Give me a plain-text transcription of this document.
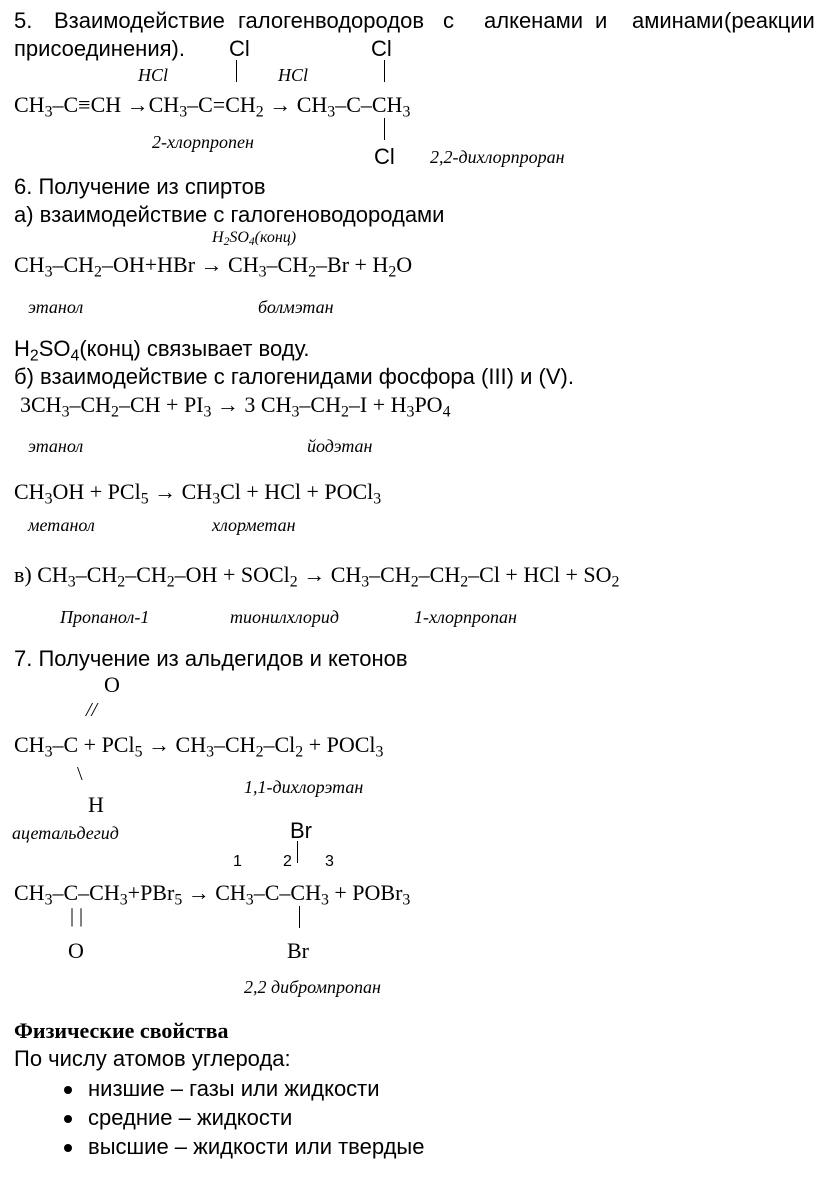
5. Взаимодействие галогенводородов с алкенами и аминами (реакции
присоединения). Cl	Cl
HCl	HCl
$CH_3-C\equiv CH \to CH_3-C=CH_2 \to CH_3-C-CH_3$
2-хлорпропен
Cl 2,2-дихлорпроран
6. Получение из спиртов
а) взаимодействие с галогеноводородами
$H_2SO_4(конц)$
$CH_3-CH_2-OH+HBr \to CH_3-CH_2-Br + H_2O$
этанол	болмэтан
$H_2SO_4(конц)$ связывает воду.
б) взаимодействие с галогенидами фосфора (III) и (V).
$3CH_3-CH_2-CH + PI_3 \to 3$ $CH_3-CH_2-I + H_3PO_4$
этанол	йодэтан
$CH_3OH + PCl_5 \to CH_3Cl$ + HCl + POCl$_3$
метанол	хлорметан
в) $CH_3-CH_2-CH_2-OH$ + SOCl$_2$ → $CH_3-CH_2-CH_2-Cl$ + HCl + $SO_2$
Пропанол-1	тионилхлорид	1-хлорпропан
7. Получение из альдегидов и кетонов
O
//
$CH_3-C + PCl_5 \to CH_3-CH_2-Cl_2$ + POCl$_3$
\
1,1-дихлорэтан
H
ацетальдегид	Br
1	2 3
$CH_3-C-CH_3+PBr_5 \to CH_3-C-CH_3$ + POBr$_3$
| |
O	Br
2,2 дибромпропан
Физические свойства
По числу атомов углерода:
низшие – газы или жидкости
средние – жидкости
высшие – жидкости или твердые
